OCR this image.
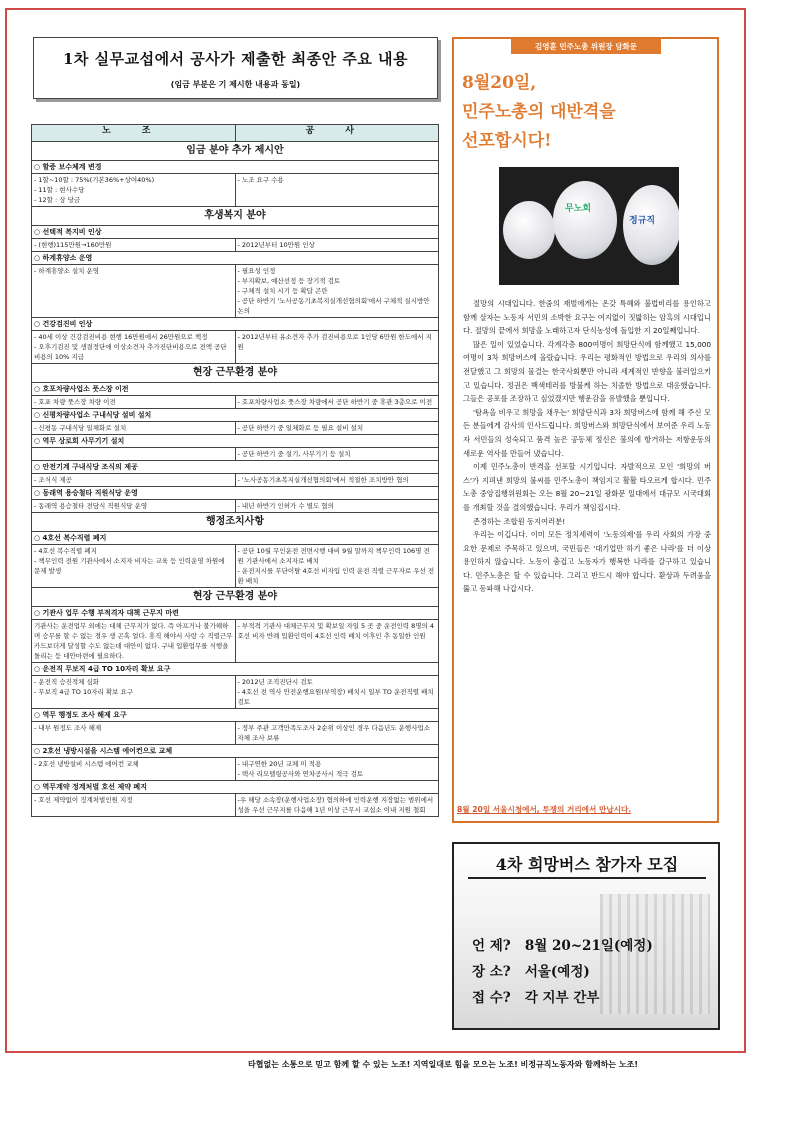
1차 실무교섭에서 공사가 제출한 최종안 주요 내용
(임금 부분은 기 제시한 내용과 동일)
노 조	공 사
임금 분야 추가 제시안	
○ 할증 보수체계 변경	

- 1할~10할 : 75%(기본36%+상여40%)
- 11할 : 현사수당
- 12할 : 상 당금	- 노조 요구 수용

후생복지 분야	
○ 선택적 복지비 인상	

- (현행)115만원→160만원	- 2012년부터 10만원 인상

○ 하계휴양소 운영	

- 하계휴양소 설치 운영	- 필요성 인정
- 부지확보, 예산선정 등 장기적 검토
- 구체적 설치 시기 등 확답 곤란
- 공단 하반기 '노사공동기초복지실개선협의회'에서 구체적 실시방안 논의

○ 건강검진비 인상	

- 40세 이상 건강검진비용 현행 16만원에서 26만원으로 책정
- 오후기검진 및 생결정단에 이상소견자 추가진단비용으로 전액 공단비용의 10% 지급	- 2012년부터 유소견자 추가 검진비용으로 1인당 6만원 한도에서 지원

현장 근무환경 분야	
○ 호포차량사업소 풋스장 이전	

- 호포 차량 풋스장 차량 이전	- 호포차량사업소 풋스장 차량에서 공단 하반기 중 휴관 3층으로 이전

○ 신평차량사업소 구내식당 설비 설치	

- 신평동 구내식당 일체화로 설치	- 공단 하반기 중 일체화로 등 필요 설비 설치

○ 역무 상로회 사무기기 설치	

	- 공단 하반기 중 설기, 사무기기 등 설치

○ 안전기계 구내식당 조식의 제공	

- 조식식 제공	- '노사공동기초복지실개선협의회'에서 적절한 조치방안 협의

○ 동래역 용승철타 직원식당 운영	

- 동래역 용승철타 전담식 직원식당 운영	- 내년 하반기 인허가 수 별도 협의

행정조치사항	
○ 4호선 복수직렬 폐지	

- 4호선 복수직렬 폐지
- 책무인력 전원 기관사에서 소지자 비자는 교육 등 인력운영 차원에 문제 발생	- 공단 10월 무인운전 전면시행 대비 9월 말까지 책무인력 106명 전원 기관사에서 소지자로 배치
- 운전지시를 무단이탈 4호선 비자입 인력 운전 직렬 근무자로 우선 전환 배치

현장 근무환경 분야	
○ 기관사 업무 수행 부적격자 대책 근무지 마련	

기관사는 운전업무 외에는 대체 근무지가 없다. 즉 아프거나 불가해하며 승무를 할 수 없는 경우 생 곤혹 얼다. 휴직 해야서 사랑 수 직렬근무 카드보더게 달성할 수도 없는데 대안이 없다. 구내 입환업무를 식행을 돌리는 등 대안마련에 필요하다.	- 부적격 기관사 대체근무지 및 확보일 자일 5 곳 중 운전인력 8명의 4호선 비자 반례 입환인력이 4호선 인력 배치 이후인 추 동일한 인원

○ 운전직 무보직 4급 TO 10자리 확보 요구	

- 운전직 승진적체 심화
- 무보직 4급 TO 10자리 확보 요구	- 2012년 조직진단시 검토
- 4호선 전 역사 안전운행요원(부역장) 배치시 일부 TO 운전직렬 배치 검토

○ 역무 행정도 조사 해제 요구	

- 내부 원정도 조사 해제	- 정부 주관 고객만족도조사 2순위 이상인 경우 다음년도 운행사업소 자체 조사 보류

○ 2호선 냉방시설을 시스템 에어컨으로 교체	

- 2호선 냉방설비 시스템 에어컨 교체	- 내구연한 20년 교체 미 적용
- 택사 리모델링공사와 연차공사시 적극 검토

○ 역무계약 정계처벌 호선 제약 폐지	

- 호선 제약없이 징계처벌인원 지정	-우 해당 소속장(운행사업소장) 협의하에 인력운행 지장없는 범위에서 성을 우선 근무지를 다음해 1년 이상 근무시 교섭소 이내 지원 철회
김영훈 민주노총 위원장 담화문
8월20일,
민주노총의 대반격을
선포합시다!
무노희
정규직

절망의 시대입니다. 한줌의 재벌에게는 온갖 특혜와 불법비리를 용인하고 함께 살자는 노동자 서민의 소박한 요구는 여지없이 짓밟히는 암흑의 시대입니다. 절망의 끝에서 희망을 노래하고자 단식농성에 돌입한 지 20일째입니다.

많은 일이 있었습니다. 각계각층 800여명이 희망단식에 함께했고 15,000여명이 3차 희망버스에 올랐습니다. 우리는 평화적인 방법으로 우리의 의사를 전달했고 그 희망의 물결는 한국사회뿐만 아니라 세계적인 반향을 불러일으키고 있습니다. 정권은 백색테러를 방불케 하는 치졸한 방법으로 대응했습니다. 그들은 공포를 조장하고 싶었겠지만 행운감을 유발했을 뿐입니다.

'탐욕을 비우고 희망을 채우는' 희망단식과 3차 희망버스에 함께 해 주신 모든 분들에게 감사의 인사드립니다. 희망버스와 희망단식에서 보여준 우리 노동자 서민들의 성숙되고 품격 높은 공동체 정신은 불의에 항거하는 저항운동의 새로운 역사를 만들어 냈습니다.

이제 민주노총이 반격을 선포할 시기입니다. 자발적으로 모인 '희망의 버스'가 지펴낸 희망의 불씨를 민주노총이 책임지고 활활 타오르게 합시다. 민주노총 중앙집행위원회는 오는 8월 20~21일 광화문 일대에서 대규모 시국대회를 개최할 것을 결의했습니다. 우리가 책임집시다.

존경하는 조합원 동지여러분!

우리는 이깁니다. 이미 모든 정치세력이 '노동의제'를 우리 사회의 가장 중요한 문제로 주목하고 있으며, 국민들은 '대기업만 하기 좋은 나라'를 더 이상 용인하지 않습니다. 노동이 춤겁고 노동자가 행복한 나라를 갈구하고 있습니다. 민주노총은 할 수 있습니다. 그리고 반드시 해야 합니다. 환상과 두려움을 뚫고 동파해 나갑시다.

8월 20일 서울시청에서, 투쟁의 거리에서 만납시다.
4차 희망버스 참가자 모집
언 제? 8월 20~21일(예정)
장 소? 서울(예정)
접 수? 각 지부 간부
타협없는 소통으로 믿고 함께 할 수 있는 노조! 지역일대로 힘을 모으는 노조! 비정규직노동자와 함께하는 노조!
